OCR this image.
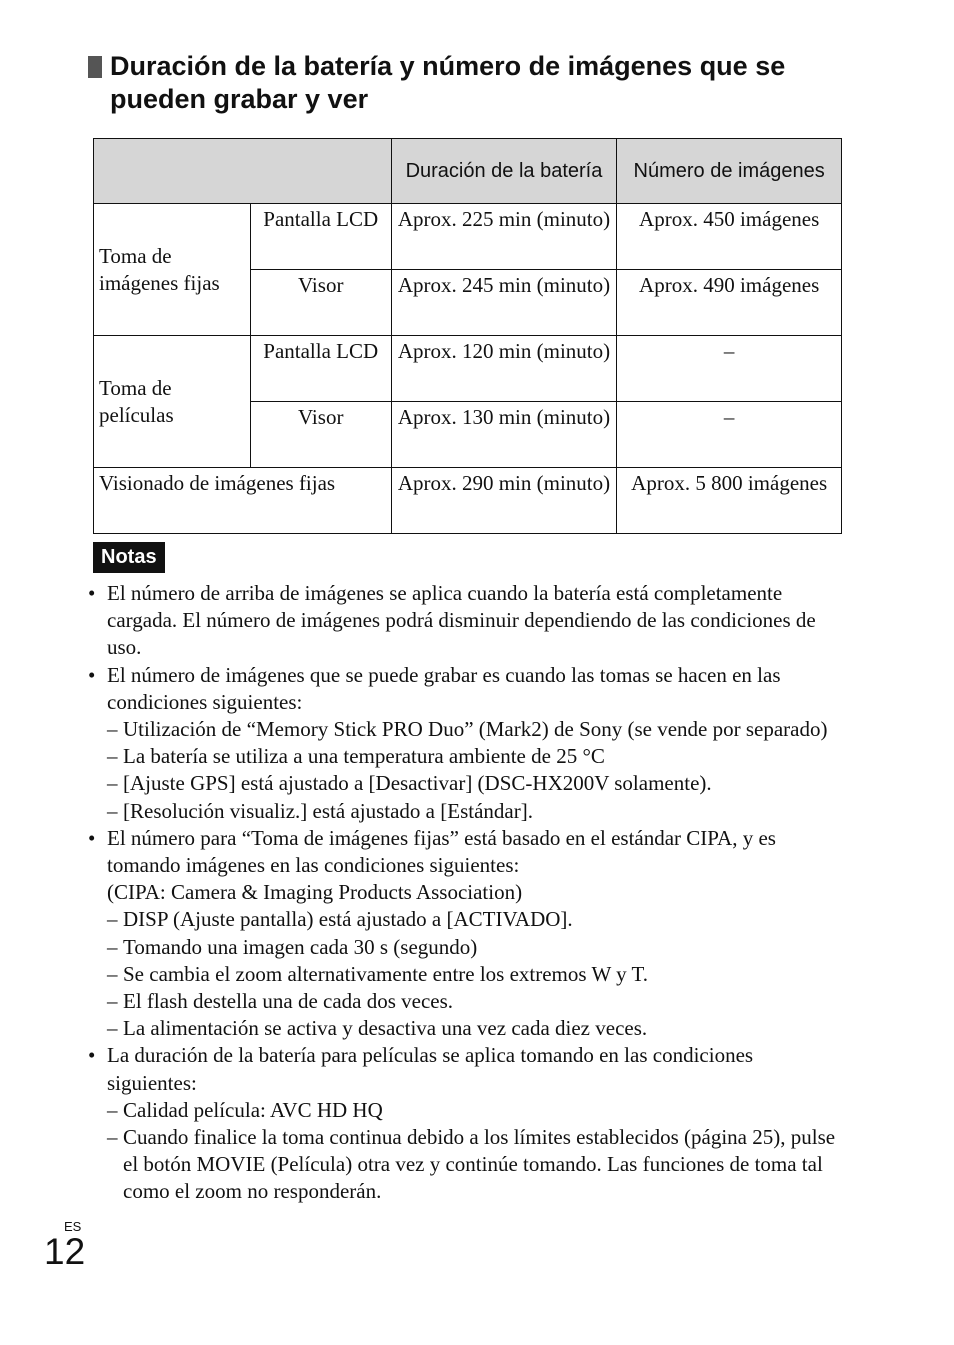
Duración de la batería y número de imágenes que se pueden grabar y ver
		Duración de la batería	Número de imágenes
Toma de imágenes fijas	Pantalla LCD	Aprox. 225 min (minuto)	Aprox. 450 imágenes
	Visor	Aprox. 245 min (minuto)	Aprox. 490 imágenes
Toma de películas	Pantalla LCD	Aprox. 120 min (minuto)	–
	Visor	Aprox. 130 min (minuto)	–
Visionado de imágenes fijas		Aprox. 290 min (minuto)	Aprox. 5 800 imágenes
Notas
• El número de arriba de imágenes se aplica cuando la batería está completamente cargada. El número de imágenes podrá disminuir dependiendo de las condiciones de uso.
• El número de imágenes que se puede grabar es cuando las tomas se hacen en las condiciones siguientes:
– Utilización de “Memory Stick PRO Duo” (Mark2) de Sony (se vende por separado)
– La batería se utiliza a una temperatura ambiente de 25 °C
– [Ajuste GPS] está ajustado a [Desactivar] (DSC-HX200V solamente).
– [Resolución visualiz.] está ajustado a [Estándar].
• El número para “Toma de imágenes fijas” está basado en el estándar CIPA, y es tomando imágenes en las condiciones siguientes:
(CIPA: Camera & Imaging Products Association)
– DISP (Ajuste pantalla) está ajustado a [ACTIVADO].
– Tomando una imagen cada 30 s (segundo)
– Se cambia el zoom alternativamente entre los extremos W y T.
– El flash destella una de cada dos veces.
– La alimentación se activa y desactiva una vez cada diez veces.
• La duración de la batería para películas se aplica tomando en las condiciones siguientes:
– Calidad película: AVC HD HQ
– Cuando finalice la toma continua debido a los límites establecidos (página 25), pulse el botón MOVIE (Película) otra vez y continúe tomando. Las funciones de toma tal como el zoom no responderán.
ES
12
